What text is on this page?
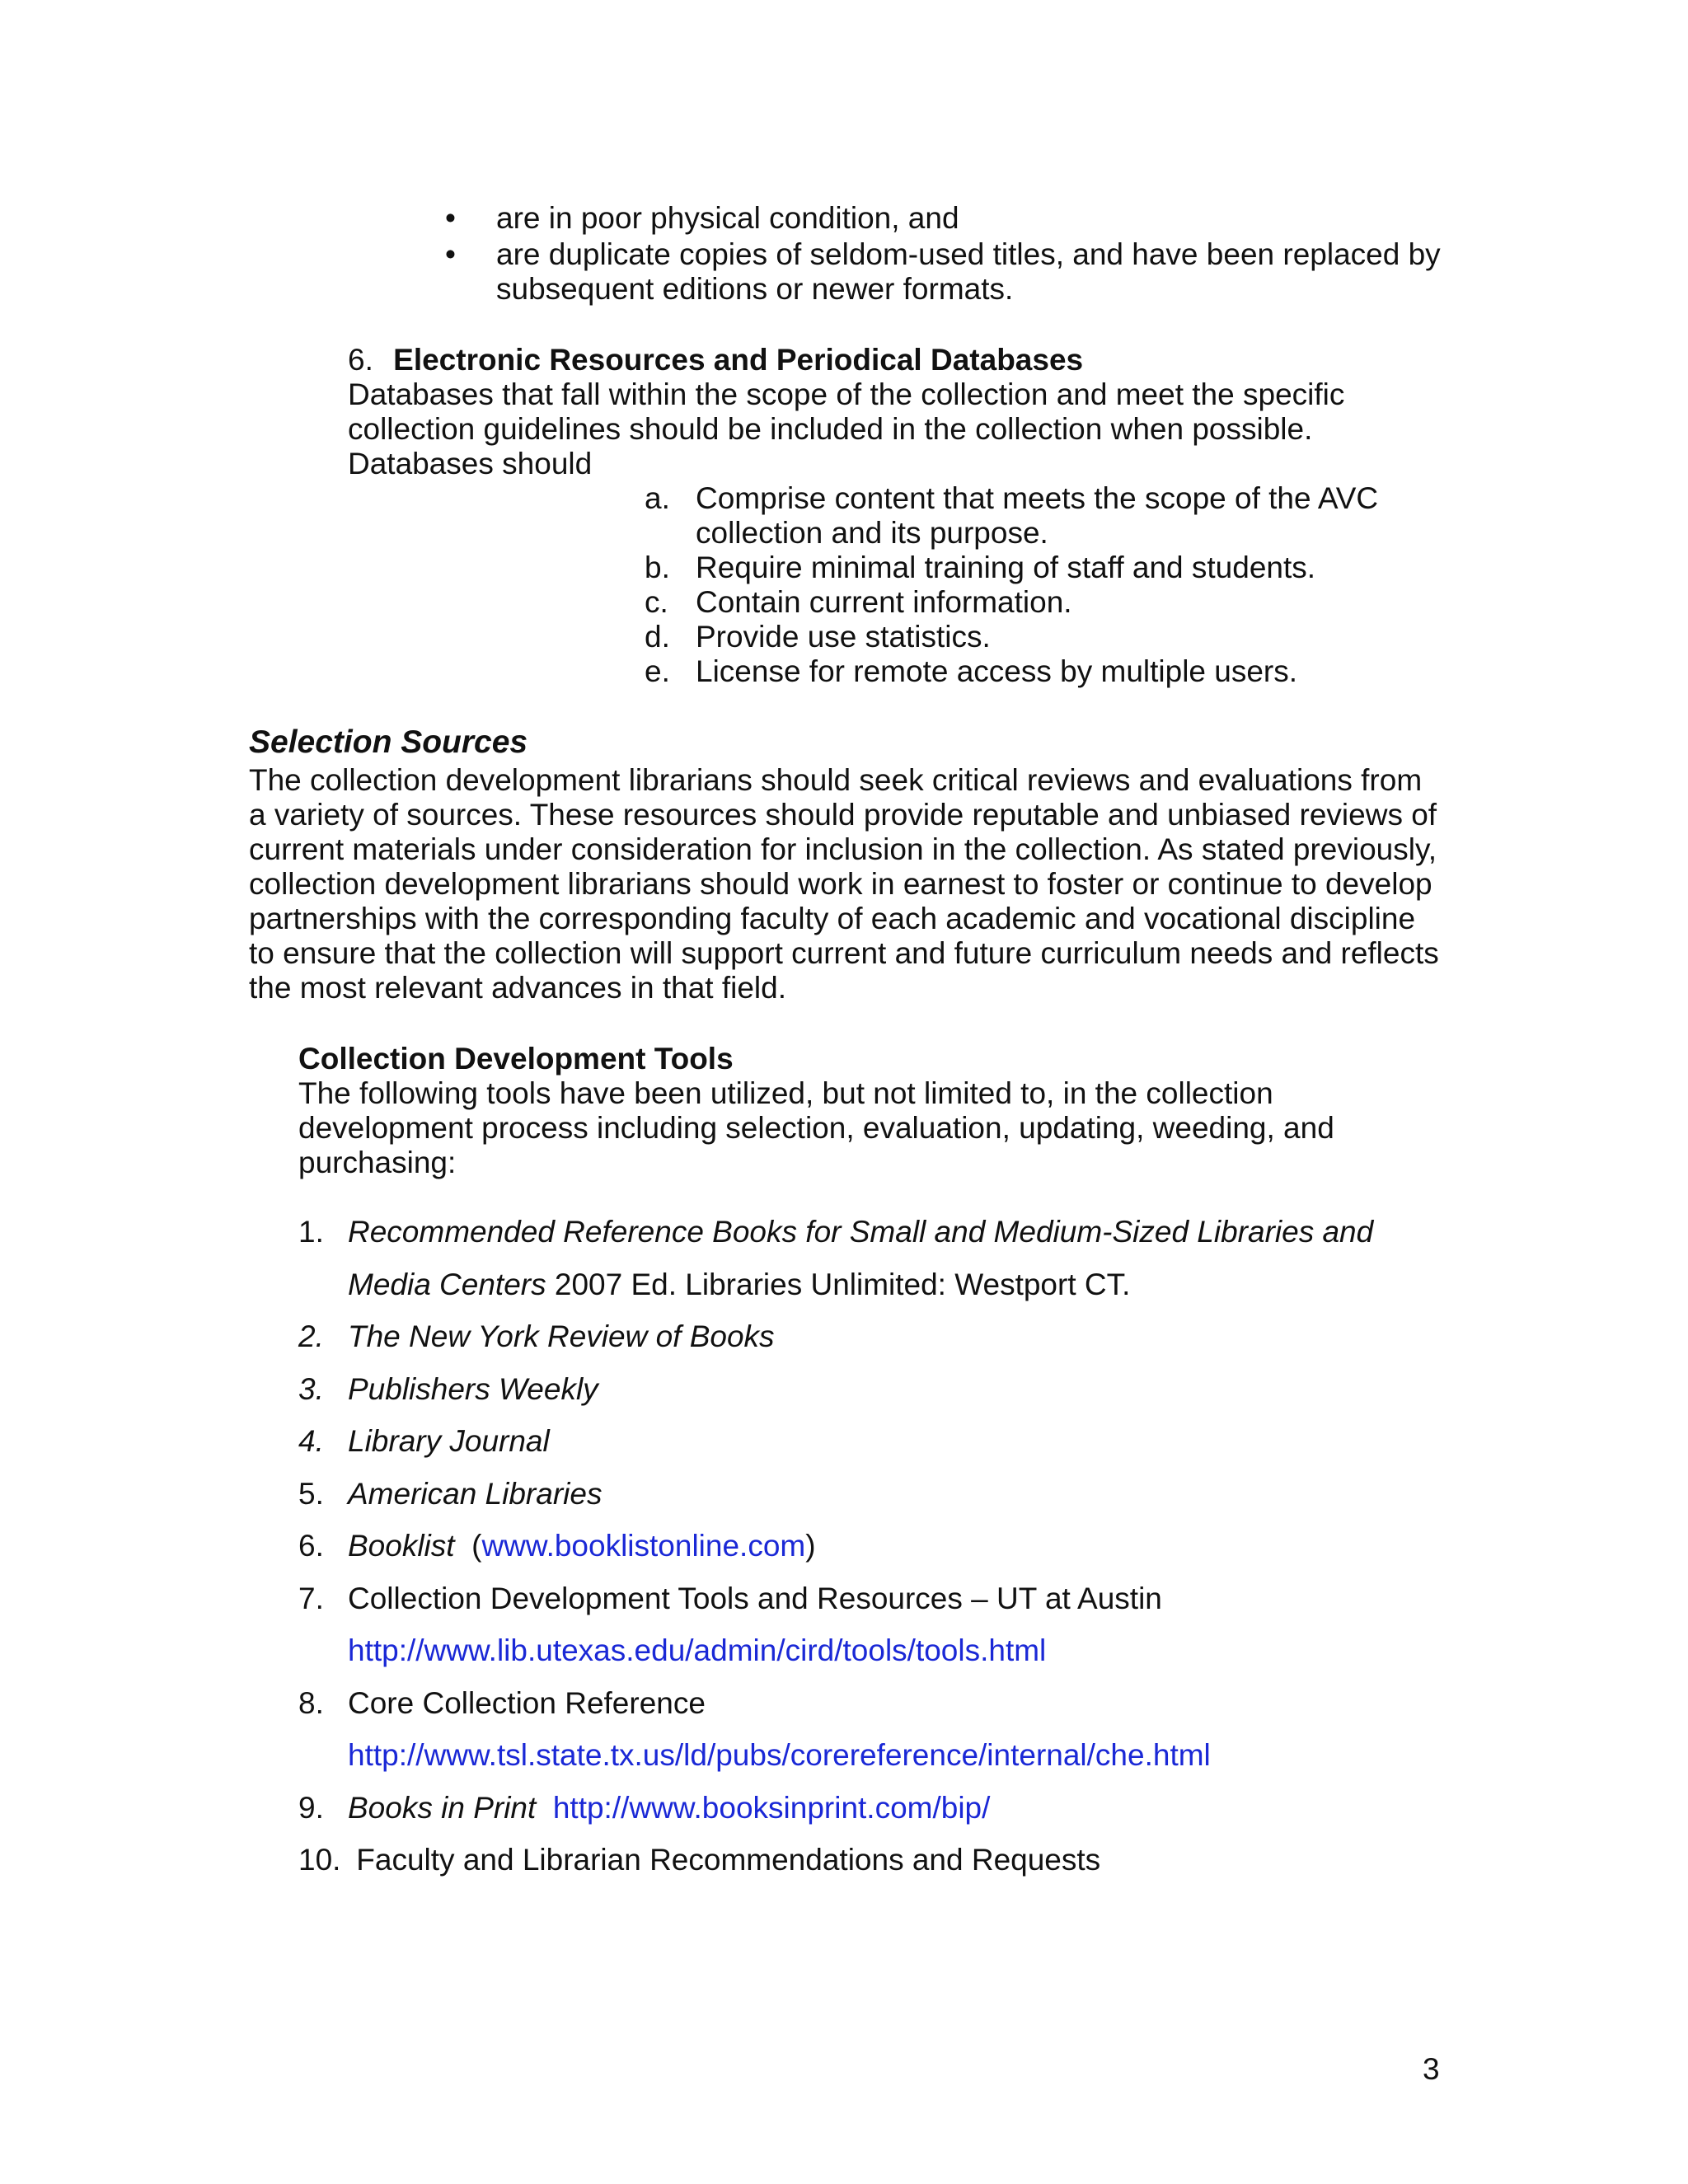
•	are in poor physical condition, and
•	are duplicate copies of seldom-used titles, and have been replaced by
subsequent editions or newer formats.
6. Electronic Resources and Periodical Databases
Databases that fall within the scope of the collection and meet the specific
collection guidelines should be included in the collection when possible.
Databases should
a. Comprise content that meets the scope of the AVC
collection and its purpose.
b. Require minimal training of staff and students.
c. Contain current information.
d. Provide use statistics.
e. License for remote access by multiple users.
Selection Sources
The collection development librarians should seek critical reviews and evaluations from
a variety of sources. These resources should provide reputable and unbiased reviews of
current materials under consideration for inclusion in the collection. As stated previously,
collection development librarians should work in earnest to foster or continue to develop
partnerships with the corresponding faculty of each academic and vocational discipline
to ensure that the collection will support current and future curriculum needs and reflects
the most relevant advances in that field.
Collection Development Tools
The following tools have been utilized, but not limited to, in the collection
development process including selection, evaluation, updating, weeding, and
purchasing:
1. Recommended Reference Books for Small and Medium-Sized Libraries and
Media Centers 2007 Ed. Libraries Unlimited: Westport CT.
2. The New York Review of Books
3. Publishers Weekly
4. Library Journal
5. American Libraries
6. Booklist  (www.booklistonline.com)
7. Collection Development Tools and Resources – UT at Austin
http://www.lib.utexas.edu/admin/cird/tools/tools.html
8. Core Collection Reference
http://www.tsl.state.tx.us/ld/pubs/corereference/internal/che.html
9. Books in Print http://www.booksinprint.com/bip/
10. Faculty and Librarian Recommendations and Requests
3
